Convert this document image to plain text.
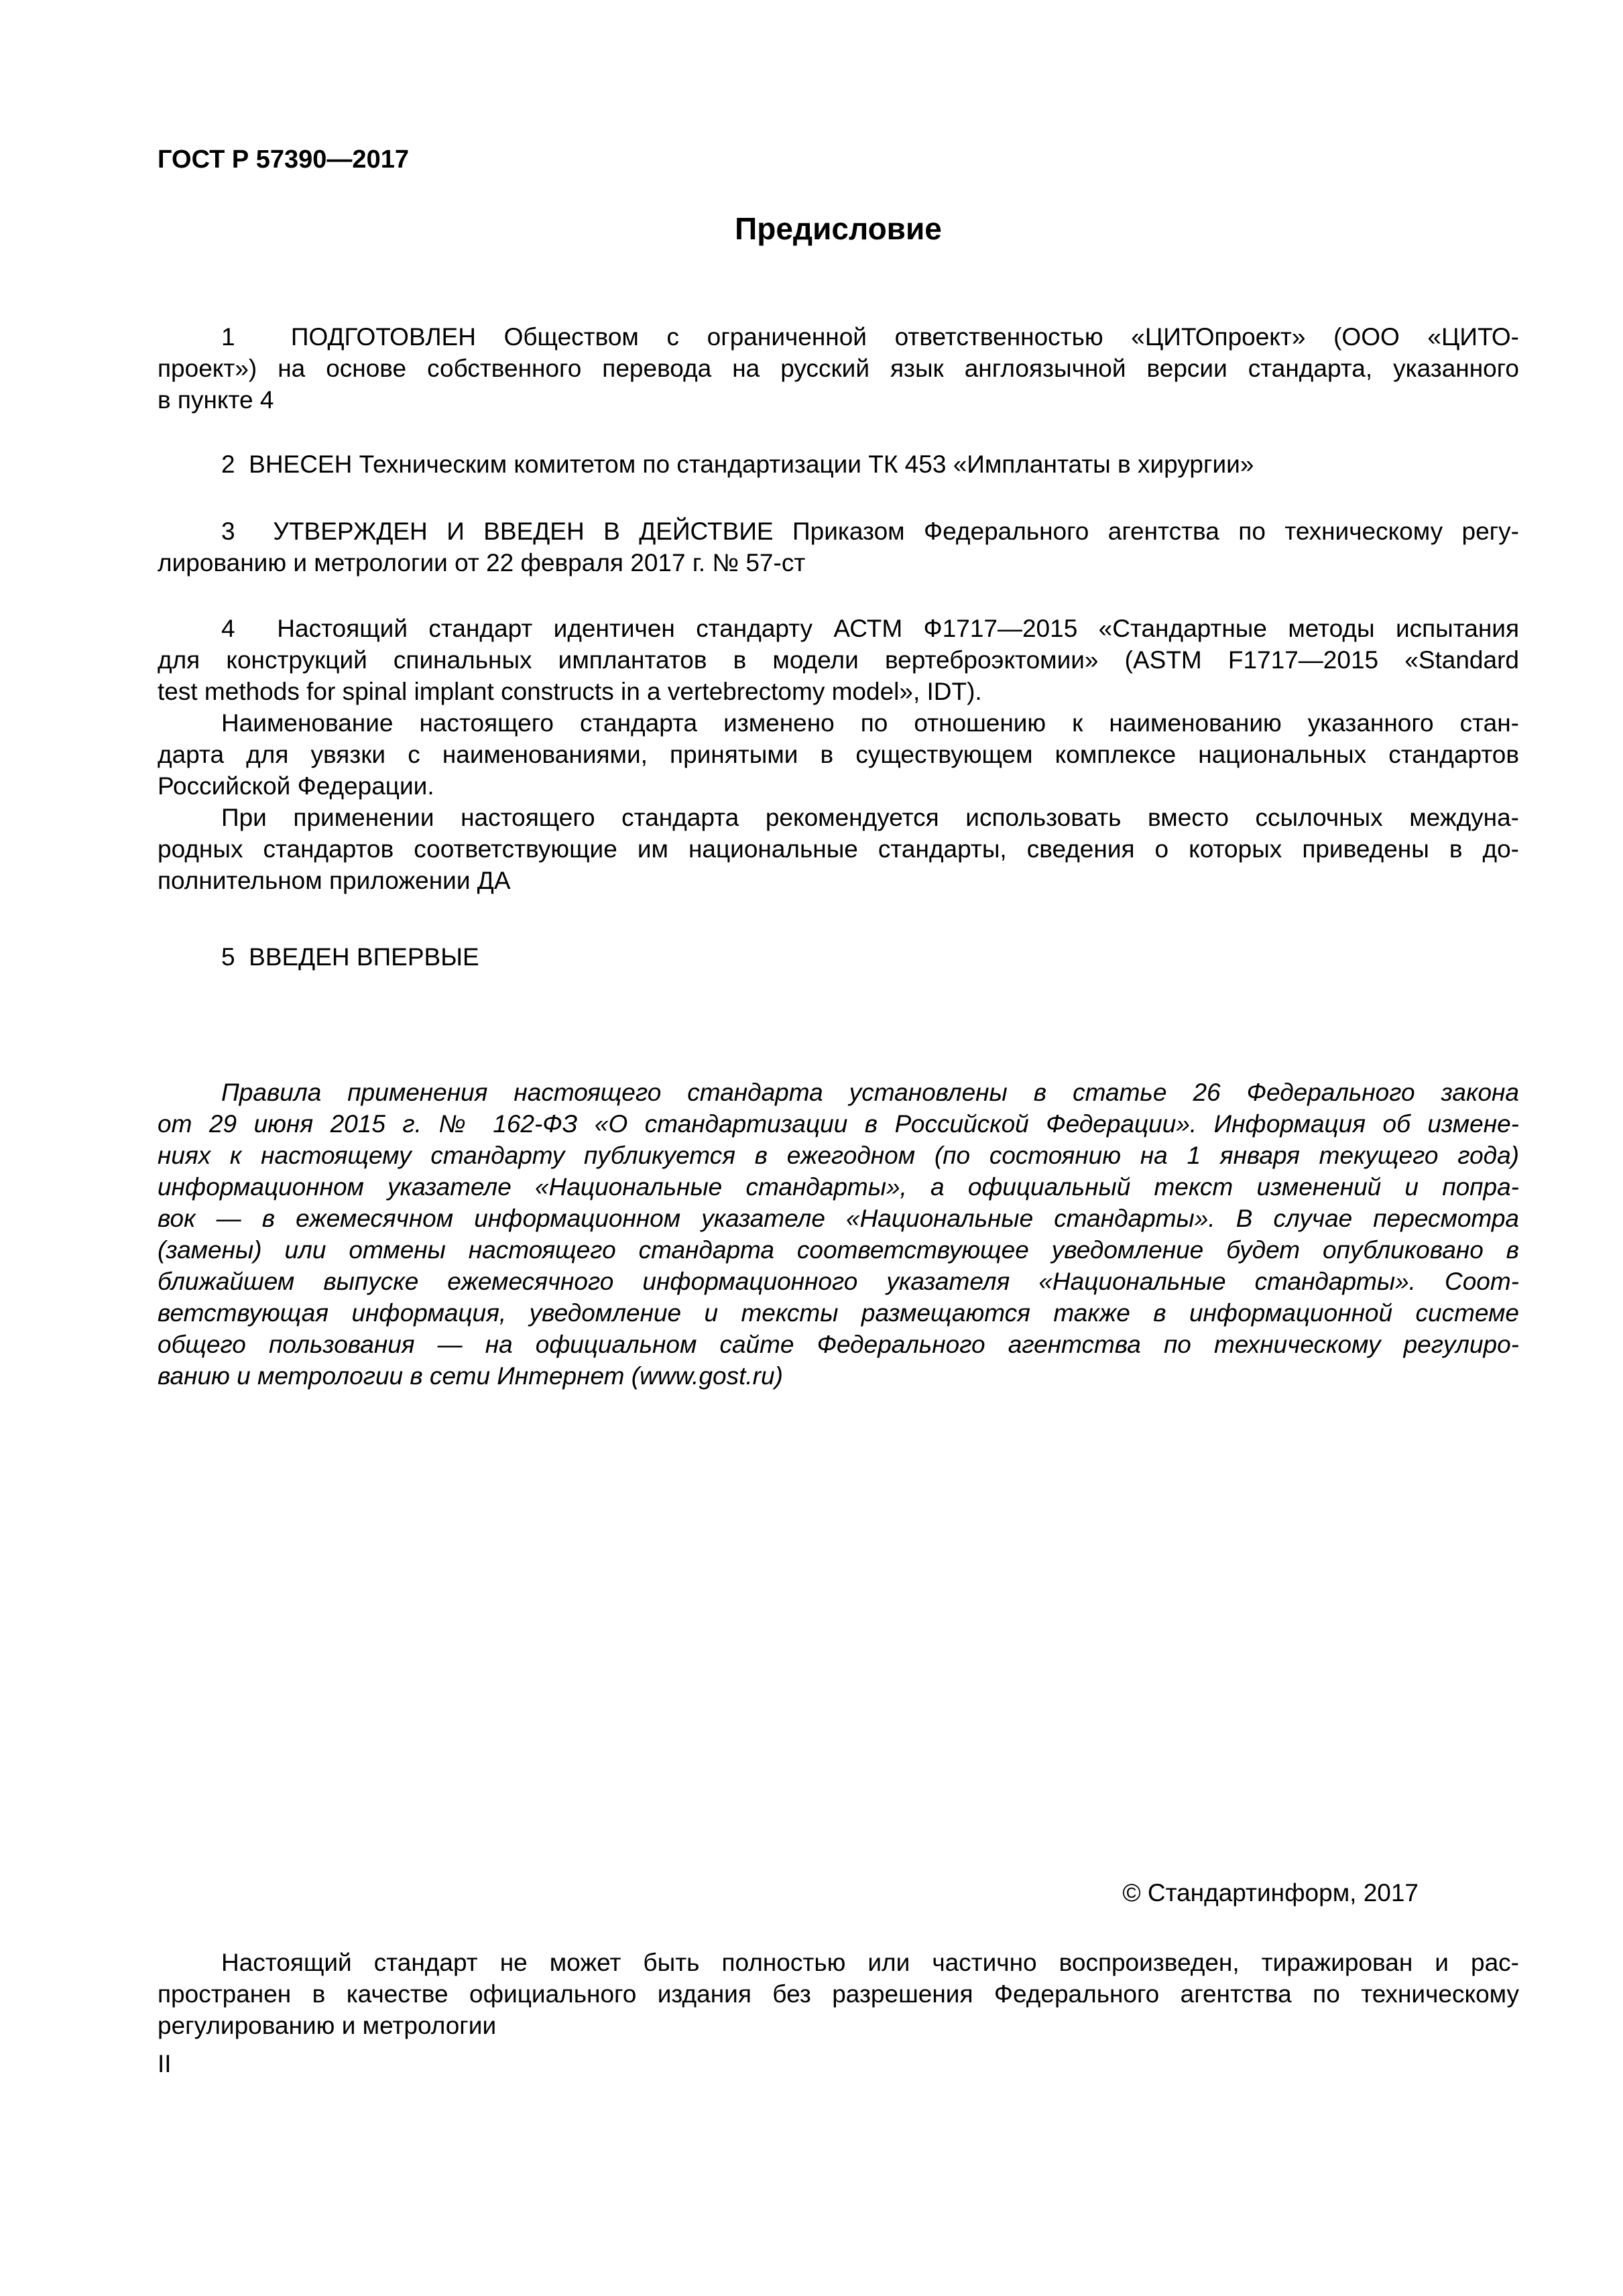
ГОСТ Р 57390—2017
Предисловие
1  ПОДГОТОВЛЕН Обществом с ограниченной ответственностью «ЦИТОпроект» (ООО «ЦИТО-
проект») на основе собственного перевода на русский язык англоязычной версии стандарта, указанного
в пункте 4
2  ВНЕСЕН Техническим комитетом по стандартизации ТК 453 «Имплантаты в хирургии»
3  УТВЕРЖДЕН И ВВЕДЕН В ДЕЙСТВИЕ Приказом Федерального агентства по техническому регу-
лированию и метрологии от 22 февраля 2017 г. № 57-ст
4  Настоящий стандарт идентичен стандарту АСТМ Ф1717—2015 «Стандартные методы испытания
для конструкций спинальных имплантатов в модели вертеброэктомии» (ASTM F1717—2015 «Standard
test methods for spinal implant constructs in a vertebrectomy model», IDT).
Наименование настоящего стандарта изменено по отношению к наименованию указанного стан-
дарта для увязки с наименованиями, принятыми в существующем комплексе национальных стандартов
Российской Федерации.
При применении настоящего стандарта рекомендуется использовать вместо ссылочных междуна-
родных стандартов соответствующие им национальные стандарты, сведения о которых приведены в до-
полнительном приложении ДА
5  ВВЕДЕН ВПЕРВЫЕ
Правила применения настоящего стандарта установлены в статье 26 Федерального закона
от 29 июня 2015 г. № 162-ФЗ «О стандартизации в Российской Федерации». Информация об измене-
ниях к настоящему стандарту публикуется в ежегодном (по состоянию на 1 января текущего года)
информационном указателе «Национальные стандарты», а официальный текст изменений и попра-
вок — в ежемесячном информационном указателе «Национальные стандарты». В случае пересмотра
(замены) или отмены настоящего стандарта соответствующее уведомление будет опубликовано в
ближайшем выпуске ежемесячного информационного указателя «Национальные стандарты». Соот-
ветствующая информация, уведомление и тексты размещаются также в информационной системе
общего пользования — на официальном сайте Федерального агентства по техническому регулиро-
ванию и метрологии в сети Интернет (www.gost.ru)
© Стандартинформ, 2017
Настоящий стандарт не может быть полностью или частично воспроизведен, тиражирован и рас-
пространен в качестве официального издания без разрешения Федерального агентства по техническому
регулированию и метрологии
II
